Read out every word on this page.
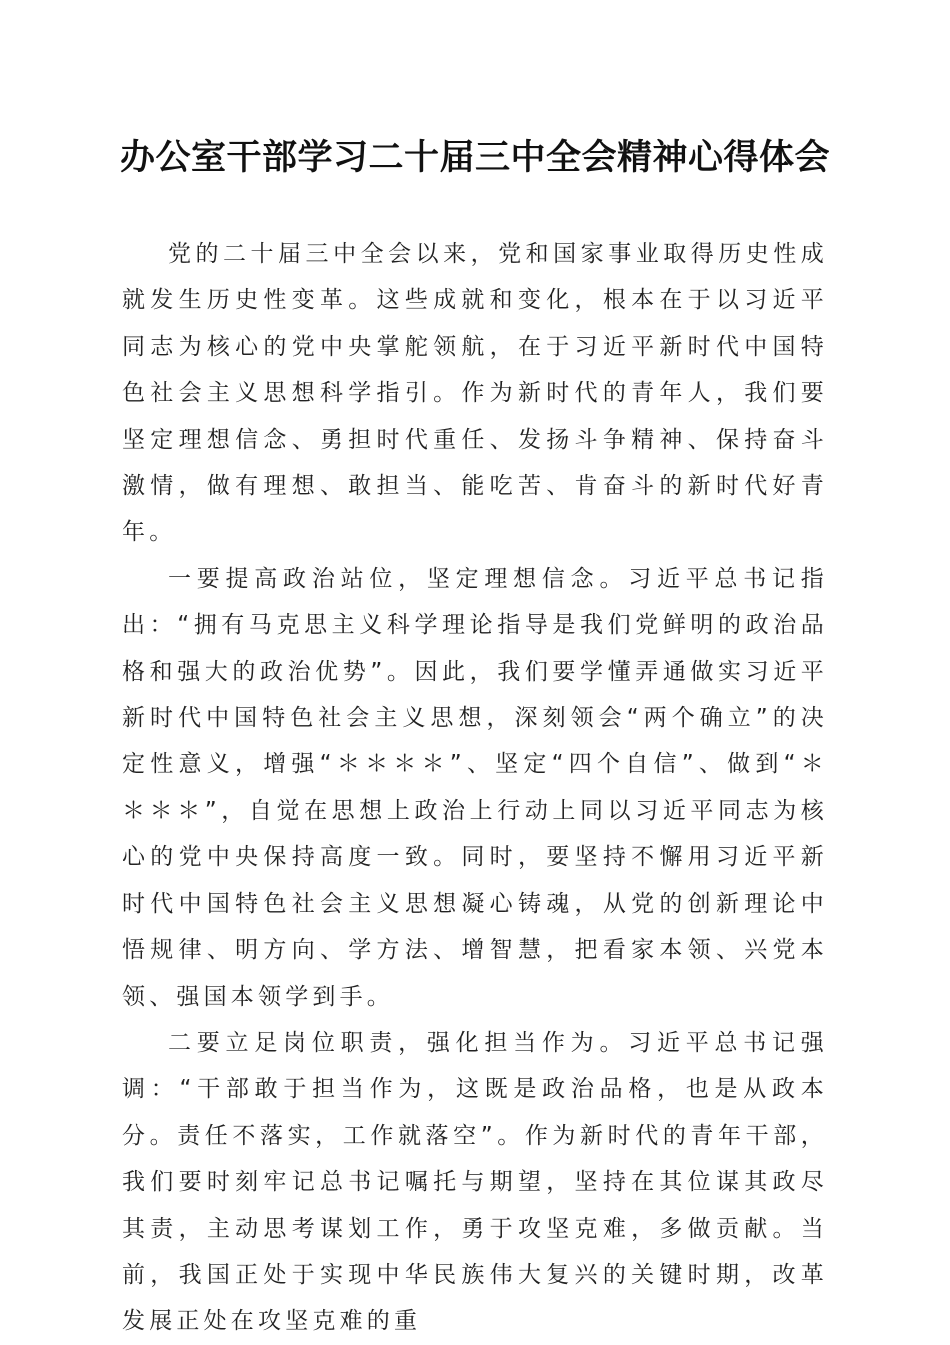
办公室干部学习二十届三中全会精神心得体会

党的二十届三中全会以来，党和国家事业取得历史性成就发生历史性变革。这些成就和变化，根本在于以习近平同志为核心的党中央掌舵领航，在于习近平新时代中国特色社会主义思想科学指引。作为新时代的青年人，我们要坚定理想信念、勇担时代重任、发扬斗争精神、保持奋斗激情，做有理想、敢担当、能吃苦、肯奋斗的新时代好青年。

一要提高政治站位，坚定理想信念。习近平总书记指出：“拥有马克思主义科学理论指导是我们党鲜明的政治品格和强大的政治优势”。因此，我们要学懂弄通做实习近平新时代中国特色社会主义思想，深刻领会“两个确立”的决定性意义，增强“＊＊＊＊”、坚定“四个自信”、做到“＊＊＊＊”，自觉在思想上政治上行动上同以习近平同志为核心的党中央保持高度一致。同时，要坚持不懈用习近平新时代中国特色社会主义思想凝心铸魂，从党的创新理论中悟规律、明方向、学方法、增智慧，把看家本领、兴党本领、强国本领学到手。

二要立足岗位职责，强化担当作为。习近平总书记强调：“干部敢于担当作为，这既是政治品格，也是从政本分。责任不落实，工作就落空”。作为新时代的青年干部，我们要时刻牢记总书记嘱托与期望，坚持在其位谋其政尽其责，主动思考谋划工作，勇于攻坚克难，多做贡献。当前，我国正处于实现中华民族伟大复兴的关键时期，改革发展正处在攻坚克难的重
